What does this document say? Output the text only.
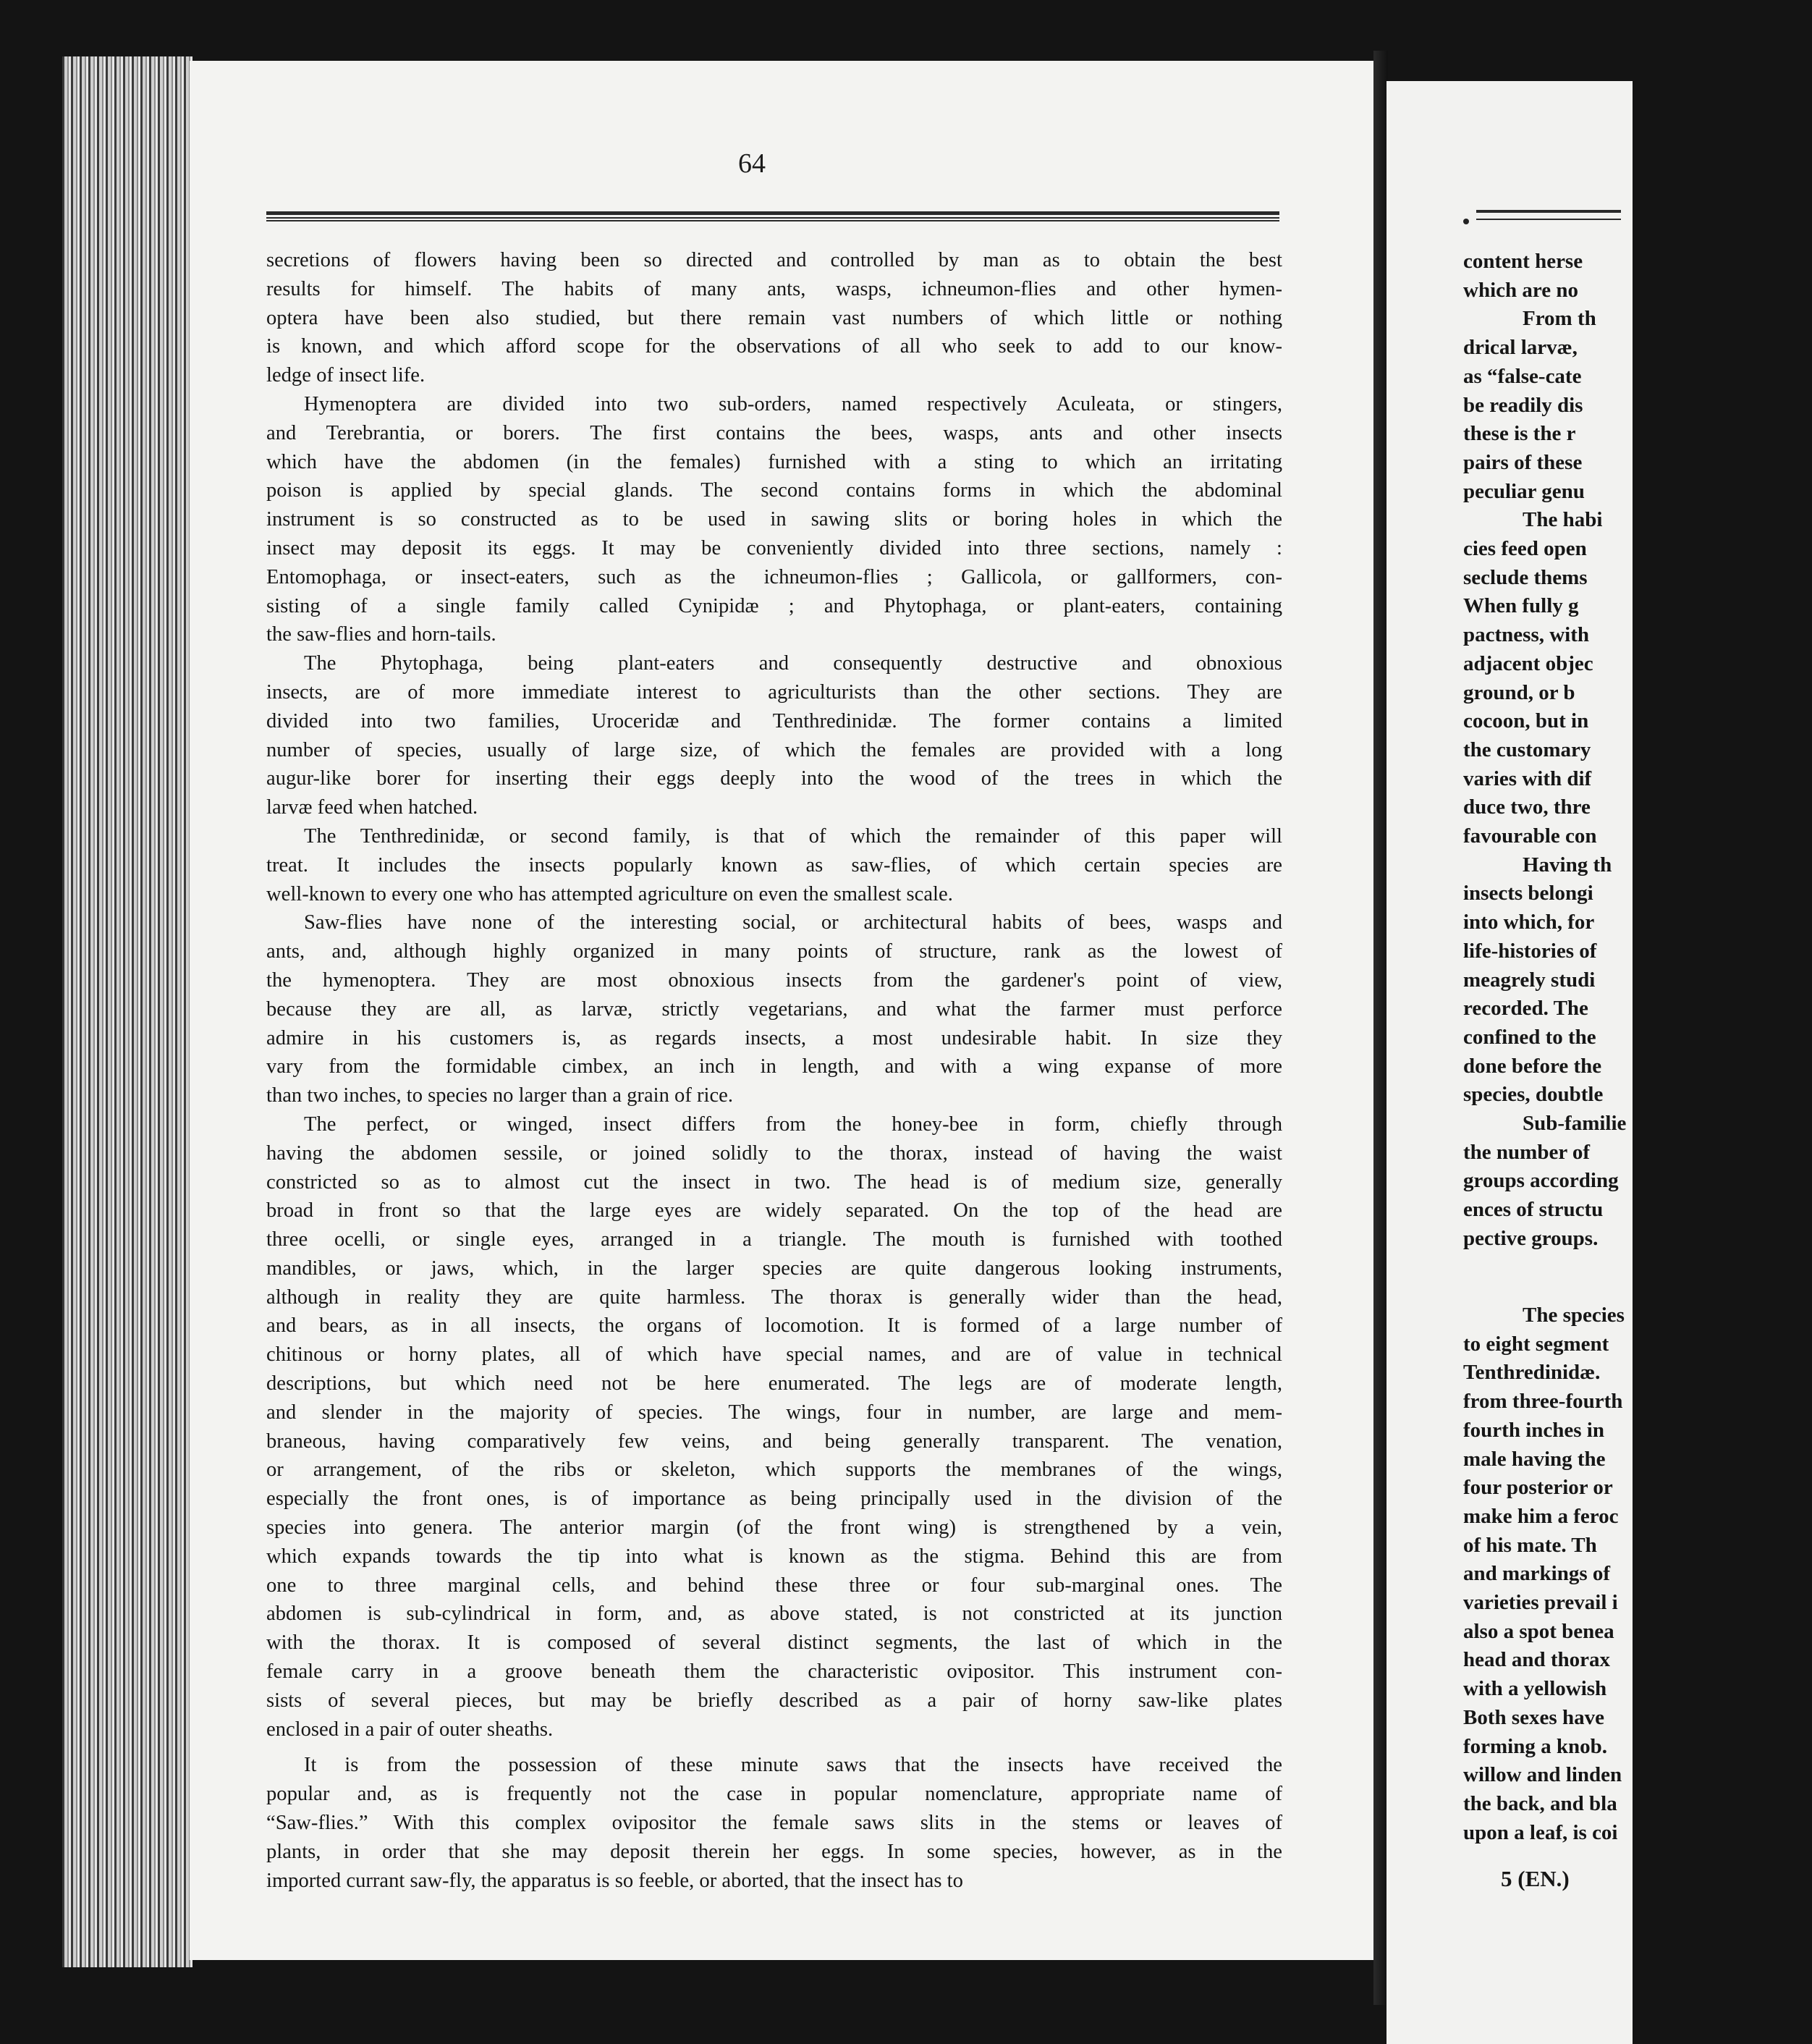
64

secretions of flowers having been so directed and controlled by man as to obtain the best

results for himself. The habits of many ants, wasps, ichneumon-flies and other hymen-

optera have been also studied, but there remain vast numbers of which little or nothing

is known, and which afford scope for the observations of all who seek to add to our know-

ledge of insect life.

Hymenoptera are divided into two sub-orders, named respectively Aculeata, or stingers,

and Terebrantia, or borers. The first contains the bees, wasps, ants and other insects

which have the abdomen (in the females) furnished with a sting to which an irritating

poison is applied by special glands. The second contains forms in which the abdominal

instrument is so constructed as to be used in sawing slits or boring holes in which the

insect may deposit its eggs. It may be conveniently divided into three sections, namely :

Entomophaga, or insect-eaters, such as the ichneumon-flies ; Gallicola, or gallformers, con-

sisting of a single family called Cynipidæ ; and Phytophaga, or plant-eaters, containing

the saw-flies and horn-tails.

The Phytophaga, being plant-eaters and consequently destructive and obnoxious

insects, are of more immediate interest to agriculturists than the other sections. They are

divided into two families, Uroceridæ and Tenthredinidæ. The former contains a limited

number of species, usually of large size, of which the females are provided with a long

augur-like borer for inserting their eggs deeply into the wood of the trees in which the

larvæ feed when hatched.

The Tenthredinidæ, or second family, is that of which the remainder of this paper will

treat. It includes the insects popularly known as saw-flies, of which certain species are

well-known to every one who has attempted agriculture on even the smallest scale.

Saw-flies have none of the interesting social, or architectural habits of bees, wasps and

ants, and, although highly organized in many points of structure, rank as the lowest of

the hymenoptera. They are most obnoxious insects from the gardener's point of view,

because they are all, as larvæ, strictly vegetarians, and what the farmer must perforce

admire in his customers is, as regards insects, a most undesirable habit. In size they

vary from the formidable cimbex, an inch in length, and with a wing expanse of more

than two inches, to species no larger than a grain of rice.

The perfect, or winged, insect differs from the honey-bee in form, chiefly through

having the abdomen sessile, or joined solidly to the thorax, instead of having the waist

constricted so as to almost cut the insect in two. The head is of medium size, generally

broad in front so that the large eyes are widely separated. On the top of the head are

three ocelli, or single eyes, arranged in a triangle. The mouth is furnished with toothed

mandibles, or jaws, which, in the larger species are quite dangerous looking instruments,

although in reality they are quite harmless. The thorax is generally wider than the head,

and bears, as in all insects, the organs of locomotion. It is formed of a large number of

chitinous or horny plates, all of which have special names, and are of value in technical

descriptions, but which need not be here enumerated. The legs are of moderate length,

and slender in the majority of species. The wings, four in number, are large and mem-

braneous, having comparatively few veins, and being generally transparent. The venation,

or arrangement, of the ribs or skeleton, which supports the membranes of the wings,

especially the front ones, is of importance as being principally used in the division of the

species into genera. The anterior margin (of the front wing) is strengthened by a vein,

which expands towards the tip into what is known as the stigma. Behind this are from

one to three marginal cells, and behind these three or four sub-marginal ones. The

abdomen is sub-cylindrical in form, and, as above stated, is not constricted at its junction

with the thorax. It is composed of several distinct segments, the last of which in the

female carry in a groove beneath them the characteristic ovipositor. This instrument con-

sists of several pieces, but may be briefly described as a pair of horny saw-like plates

enclosed in a pair of outer sheaths.

It is from the possession of these minute saws that the insects have received the

popular and, as is frequently not the case in popular nomenclature, appropriate name of

“Saw-flies.” With this complex ovipositor the female saws slits in the stems or leaves of

plants, in order that she may deposit therein her eggs. In some species, however, as in the

imported currant saw-fly, the apparatus is so feeble, or aborted, that the insect has to

content herse
which are no
From th
drical larvæ,
as “false-cate
be readily dis
these is the r
pairs of these
peculiar genu
The habi
cies feed open
seclude thems
When fully g
pactness, with
adjacent objec
ground, or b
cocoon, but in
the customary
varies with dif
duce two, thre
favourable con
Having th
insects belongi
into which, for
life-histories of
meagrely studi
recorded. The
confined to the
done before the
species, doubtle
Sub-familie
the number of
groups according
ences of structu
pective groups.
The species
to eight segment
Tenthredinidæ.
from three-fourth
fourth inches in
male having the
four posterior or
make him a feroc
of his mate. Th
and markings of
varieties prevail i
also a spot benea
head and thorax
with a yellowish
Both sexes have
forming a knob.
willow and linden
the back, and bla
upon a leaf, is coi
5 (EN.)
